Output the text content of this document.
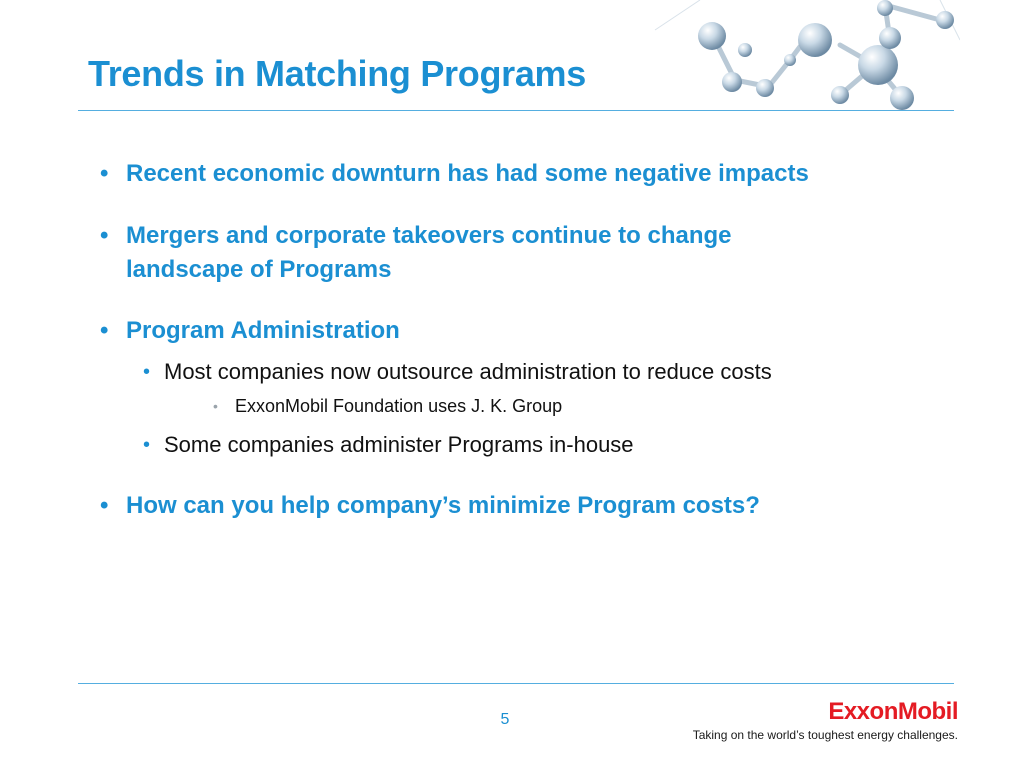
Trends in Matching Programs
• Recent economic downturn has had some negative impacts
• Mergers and corporate takeovers continue to change
landscape of Programs
• Program Administration
• Most companies now outsource administration to reduce costs
• ExxonMobil Foundation uses J. K. Group
• Some companies administer Programs in-house
• How can you help company’s minimize Program costs?
5	ExxonMobil
Taking on the world’s toughest energy challenges.
